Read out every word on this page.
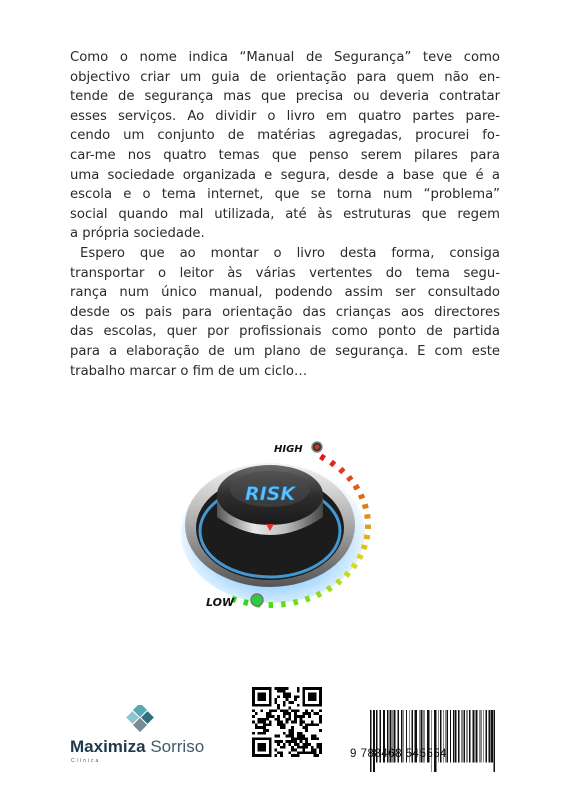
Como o nome indica “Manual de Segurança” teve como
objectivo criar um guia de orientação para quem não en-
tende de segurança mas que precisa ou deveria contratar
esses serviços. Ao dividir o livro em quatro partes pare-
cendo um conjunto de matérias agregadas, procurei fo-
car-me nos quatro temas que penso serem pilares para
uma sociedade organizada e segura, desde a base que é a
escola e o tema internet, que se torna num “problema”
social quando mal utilizada, até às estruturas que regem
a própria sociedade.

Espero que ao montar o livro desta forma, consiga
transportar o leitor às várias vertentes do tema segu-
rança num único manual, podendo assim ser consultado
desde os pais para orientação das crianças aos directores
das escolas, quer por profissionais como ponto de partida
para a elaboração de um plano de segurança. E com este
trabalho marcar o fim de um ciclo…

RISK
HIGH
LOW
Maximiza Sorriso
Clínica
9 788468 545554
